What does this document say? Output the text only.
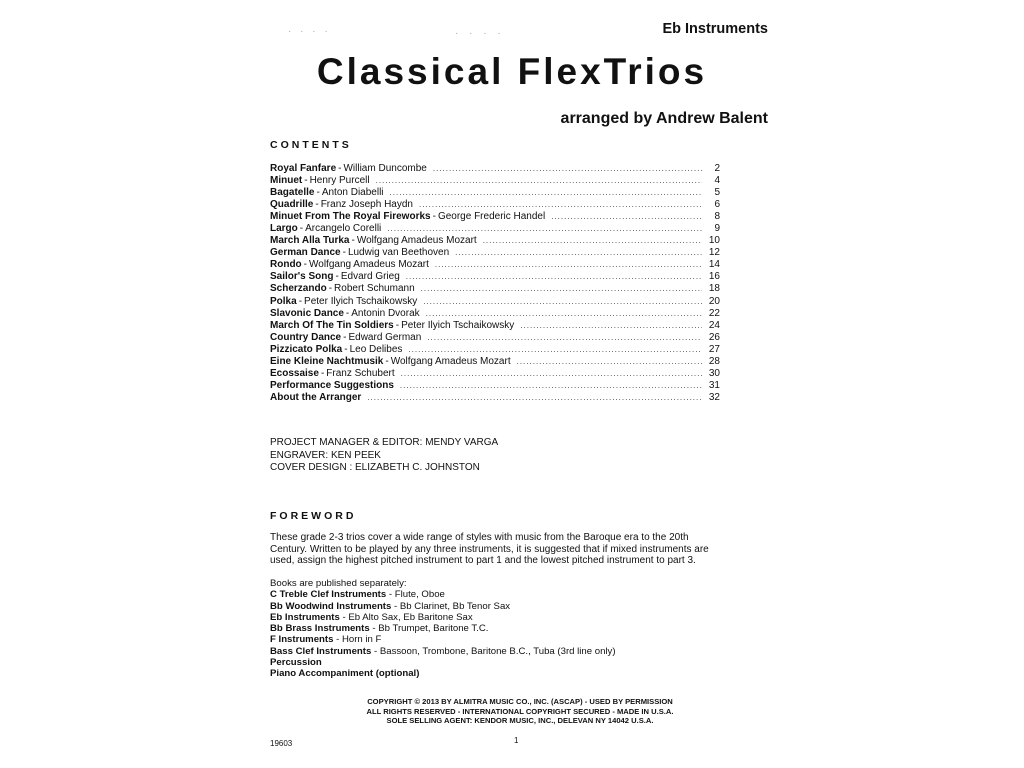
· · · ·	· · · ·	Eb Instruments
Classical FlexTrios
arranged by Andrew Balent
CONTENTS
Royal Fanfare - William Duncombe .....	2
Minuet - Henry Purcell .....	4
Bagatelle - Anton Diabelli .....	5
Quadrille - Franz Joseph Haydn .....	6
Minuet From The Royal Fireworks - George Frederic Handel .....	8
Largo - Arcangelo Corelli .....	9
March Alla Turka - Wolfgang Amadeus Mozart .....	10
German Dance - Ludwig van Beethoven .....	12
Rondo - Wolfgang Amadeus Mozart .....	14
Sailor's Song - Edvard Grieg .....	16
Scherzando - Robert Schumann .....	18
Polka - Peter Ilyich Tschaikowsky .....	20
Slavonic Dance - Antonin Dvorak .....	22
March Of The Tin Soldiers - Peter Ilyich Tschaikowsky .....	24
Country Dance - Edward German .....	26
Pizzicato Polka - Leo Delibes .....	27
Eine Kleine Nachtmusik - Wolfgang Amadeus Mozart .....	28
Ecossaise - Franz Schubert .....	30
Performance Suggestions .....	31
About the Arranger .....	32
PROJECT MANAGER & EDITOR: MENDY VARGA
ENGRAVER: KEN PEEK
COVER DESIGN : ELIZABETH C. JOHNSTON
FOREWORD
These grade 2-3 trios cover a wide range of styles with music from the Baroque era to the 20th Century. Written to be played by any three instruments, it is suggested that if mixed instruments are used, assign the highest pitched instrument to part 1 and the lowest pitched instrument to part 3.
Books are published separately:
C Treble Clef Instruments - Flute, Oboe
Bb Woodwind Instruments - Bb Clarinet, Bb Tenor Sax
Eb Instruments - Eb Alto Sax, Eb Baritone Sax
Bb Brass Instruments - Bb Trumpet, Baritone T.C.
F Instruments - Horn in F
Bass Clef Instruments - Bassoon, Trombone, Baritone B.C., Tuba (3rd line only)
Percussion
Piano Accompaniment (optional)
COPYRIGHT © 2013 BY ALMITRA MUSIC CO., INC. (ASCAP) - USED BY PERMISSION
ALL RIGHTS RESERVED - INTERNATIONAL COPYRIGHT SECURED - MADE IN U.S.A.
SOLE SELLING AGENT: KENDOR MUSIC, INC., DELEVAN NY 14042 U.S.A.
19603	1
